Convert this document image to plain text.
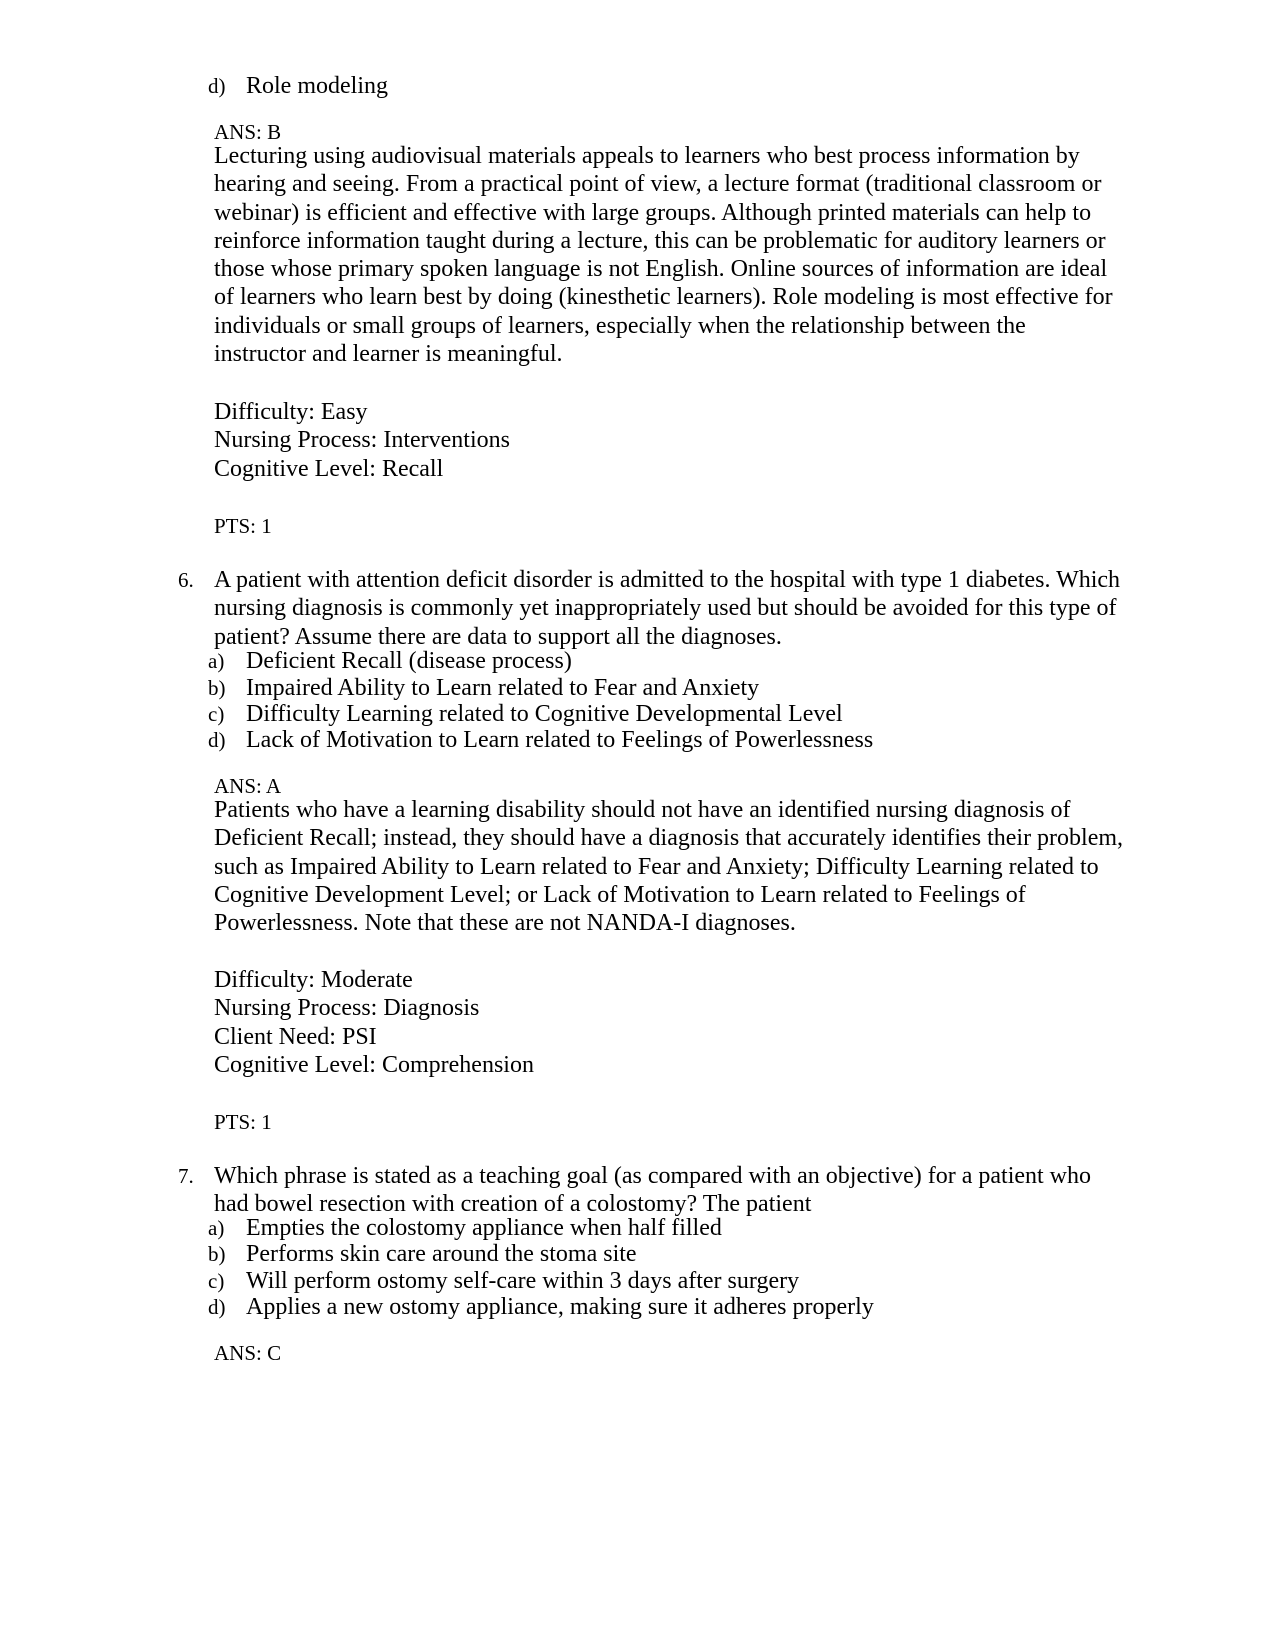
d) Role modeling
ANS: B
Lecturing using audiovisual materials appeals to learners who best process information by
hearing and seeing. From a practical point of view, a lecture format (traditional classroom or
webinar) is efficient and effective with large groups. Although printed materials can help to
reinforce information taught during a lecture, this can be problematic for auditory learners or
those whose primary spoken language is not English. Online sources of information are ideal
of learners who learn best by doing (kinesthetic learners). Role modeling is most effective for
individuals or small groups of learners, especially when the relationship between the
instructor and learner is meaningful.
Difficulty: Easy
Nursing Process: Interventions
Cognitive Level: Recall
PTS: 1
6. A patient with attention deficit disorder is admitted to the hospital with type 1 diabetes. Which
nursing diagnosis is commonly yet inappropriately used but should be avoided for this type of
patient? Assume there are data to support all the diagnoses.
a) Deficient Recall (disease process)
b) Impaired Ability to Learn related to Fear and Anxiety
c) Difficulty Learning related to Cognitive Developmental Level
d) Lack of Motivation to Learn related to Feelings of Powerlessness
ANS: A
Patients who have a learning disability should not have an identified nursing diagnosis of
Deficient Recall; instead, they should have a diagnosis that accurately identifies their problem,
such as Impaired Ability to Learn related to Fear and Anxiety; Difficulty Learning related to
Cognitive Development Level; or Lack of Motivation to Learn related to Feelings of
Powerlessness. Note that these are not NANDA-I diagnoses.
Difficulty: Moderate
Nursing Process: Diagnosis
Client Need: PSI
Cognitive Level: Comprehension
PTS: 1
7. Which phrase is stated as a teaching goal (as compared with an objective) for a patient who
had bowel resection with creation of a colostomy? The patient
a) Empties the colostomy appliance when half filled
b) Performs skin care around the stoma site
c) Will perform ostomy self-care within 3 days after surgery
d) Applies a new ostomy appliance, making sure it adheres properly
ANS: C
